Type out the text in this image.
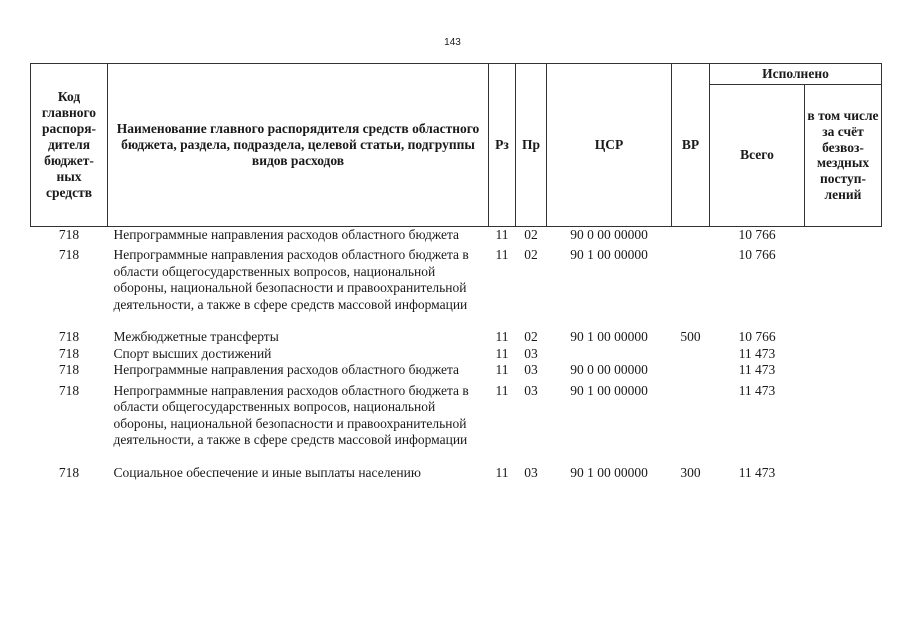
143
Код главного распоря-дителя бюджет-ных средств	Наименование главного распорядителя средств областного бюджета, раздела, подраздела, целевой статьи, подгруппы видов расходов	Рз	Пр	ЦСР	ВР	Исполнено	
						Всего	в том числе за счёт безвоз-мездных поступ-лений
718	Непрограммные направления расходов областного бюджета	11	02	90 0 00 00000		10 766	
718	Непрограммные направления расходов областного бюджета в области общегосударственных вопросов, национальной обороны, национальной безопасности и правоохранительной деятельности, а также в сфере средств массовой информации	11	02	90 1 00 00000		10 766	

718	Межбюджетные трансферты	11	02	90 1 00 00000	500	10 766	
718	Спорт высших достижений	11	03			11 473	
718	Непрограммные направления расходов областного бюджета	11	03	90 0 00 00000		11 473	
718	Непрограммные направления расходов областного бюджета в области общегосударственных вопросов, национальной обороны, национальной безопасности и правоохранительной деятельности, а также в сфере средств массовой информации	11	03	90 1 00 00000		11 473	

718	Социальное обеспечение и иные выплаты населению	11	03	90 1 00 00000	300	11 473	
